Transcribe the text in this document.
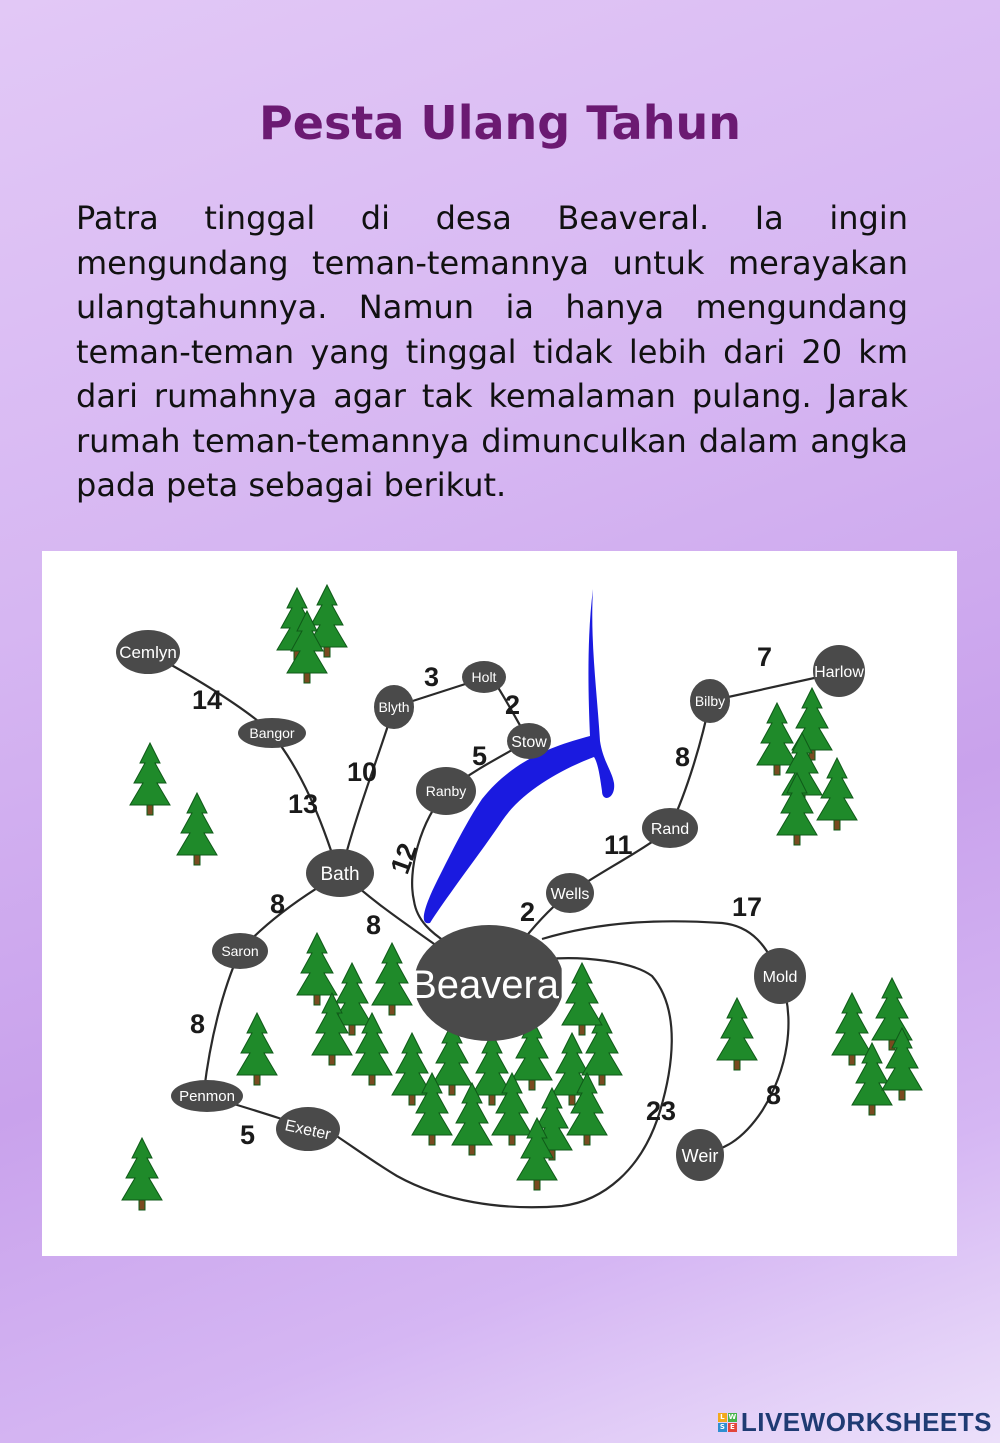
Pesta Ulang Tahun

Patra tinggal di desa Beaveral. Ia ingin mengundang teman-temannya untuk merayakan ulangtahunnya. Namun ia hanya mengundang teman-teman yang tinggal tidak lebih dari 20 km dari rumahnya agar tak kemalaman pulang. Jarak rumah teman-temannya dimunculkan dalam angka pada peta sebagai berikut.

Cemlyn
Bangor
Blyth
Holt
Stow
Ranby
Bilby
Harlow
Rand
Wells
Bath
Saron
Beaveral	Mold
Penmon
Exeter
Weir
14
3
2
5
7
8
13
10
12	11
2
8
8
17
8
5
23
8
L W
S E LIVEWORKSHEETS
